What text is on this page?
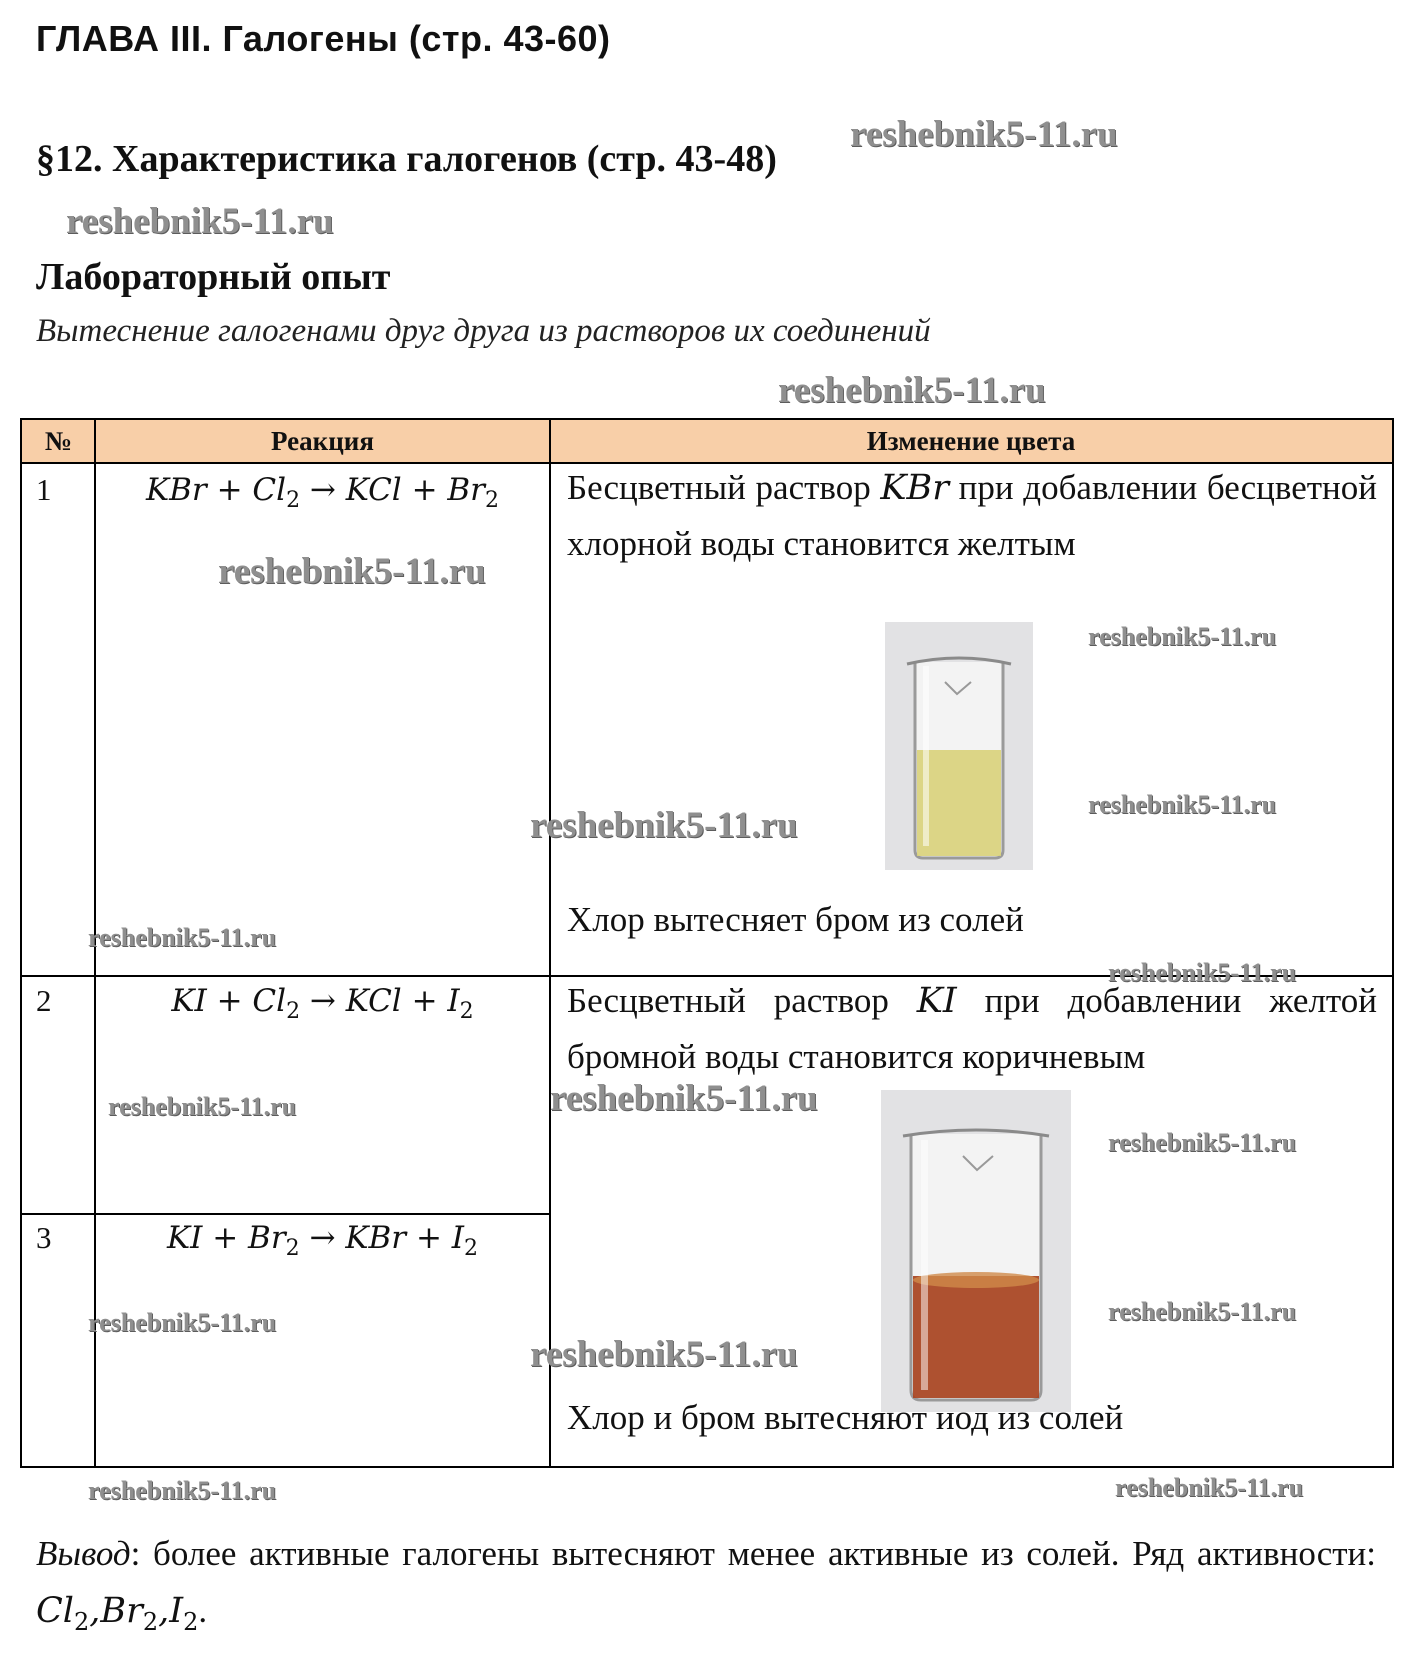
ГЛАВА III. Галогены (стр. 43-60)
§12. Характеристика галогенов (стр. 43-48)
Лабораторный опыт
Вытеснение галогенами друг друга из растворов их соединений
reshebnik5-11.ru
reshebnik5-11.ru
reshebnik5-11.ru
reshebnik5-11.ru
reshebnik5-11.ru
reshebnik5-11.ru
reshebnik5-11.ru
reshebnik5-11.ru
reshebnik5-11.ru
reshebnik5-11.ru	reshebnik5-11.ru
reshebnik5-11.ru
reshebnik5-11.ru	reshebnik5-11.ru
reshebnik5-11.ru
reshebnik5-11.ru	reshebnik5-11.ru
№	Реакция	Изменение цвета
1	KBr + $Cl_2$ → KCl + $Br_2$	Бесцветный раствор KBr при добавлении бесцветной хлорной воды становится желтым
Хлор вытесняет бром из солей
2	KI + $Cl_2$ → KCl + $I_2$	Бесцветный раствор KI при добавлении желтой бромной воды становится коричневым
Хлор и бром вытесняют иод из солей
3	KI + $Br_2$ → KBr + $I_2$
Вывод: более активные галогены вытесняют менее активные из солей. Ряд активности: $Cl_2,Br_2,I_2$.
